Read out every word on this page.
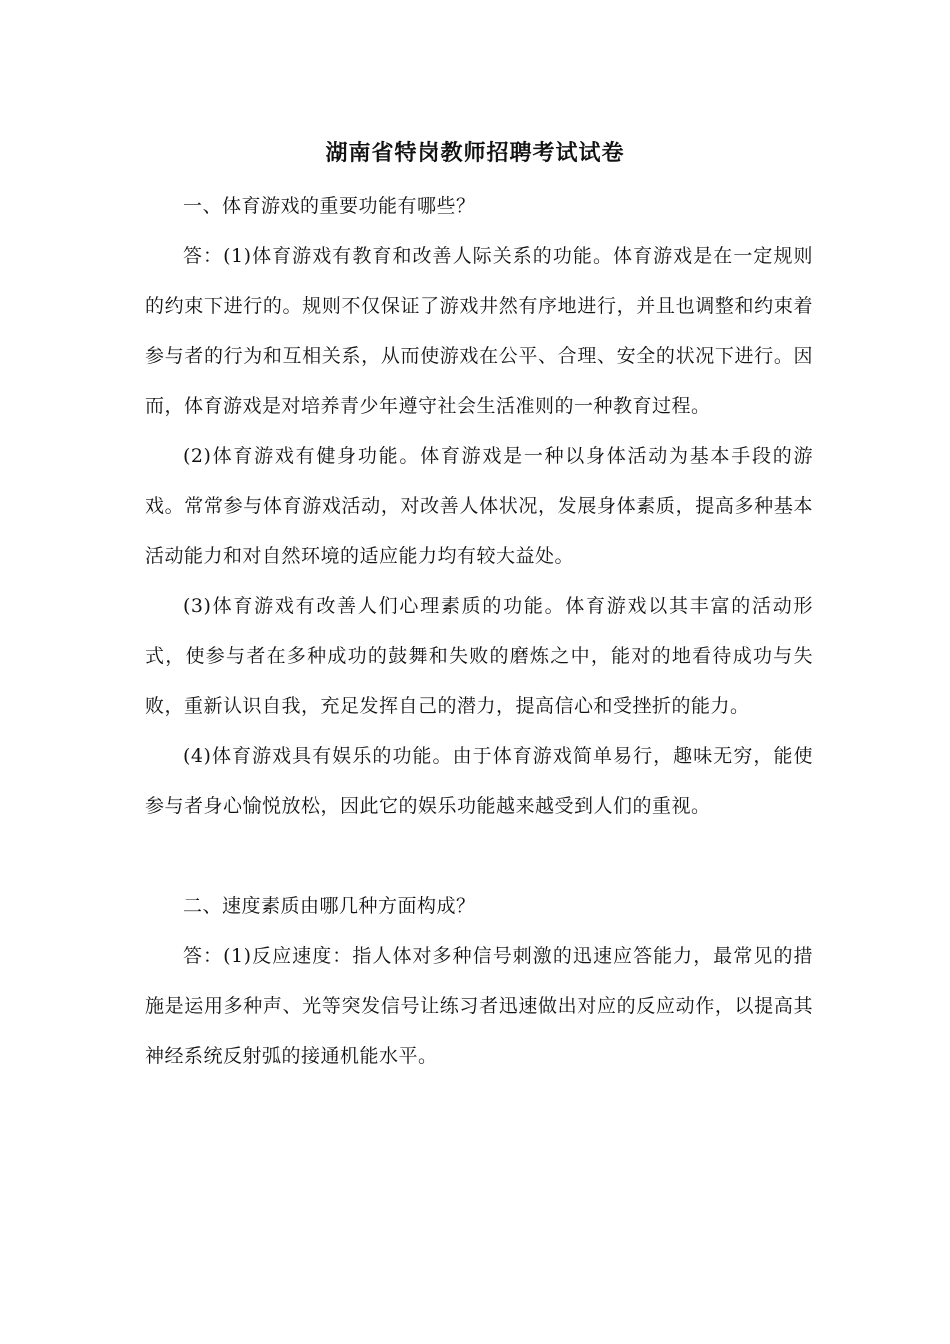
湖南省特岗教师招聘考试试卷

一、体育游戏的重要功能有哪些？

答：(1)体育游戏有教育和改善人际关系的功能。体育游戏是在一定规则的约束下进行的。规则不仅保证了游戏井然有序地进行，并且也调整和约束着参与者的行为和互相关系，从而使游戏在公平、合理、安全的状况下进行。因而，体育游戏是对培养青少年遵守社会生活准则的一种教育过程。

(2)体育游戏有健身功能。体育游戏是一种以身体活动为基本手段的游戏。常常参与体育游戏活动，对改善人体状况，发展身体素质，提高多种基本活动能力和对自然环境的适应能力均有较大益处。

(3)体育游戏有改善人们心理素质的功能。体育游戏以其丰富的活动形式，使参与者在多种成功的鼓舞和失败的磨炼之中，能对的地看待成功与失败，重新认识自我，充足发挥自己的潜力，提高信心和受挫折的能力。

(4)体育游戏具有娱乐的功能。由于体育游戏简单易行，趣味无穷，能使参与者身心愉悦放松，因此它的娱乐功能越来越受到人们的重视。

二、速度素质由哪几种方面构成？

答：(1)反应速度：指人体对多种信号刺激的迅速应答能力，最常见的措施是运用多种声、光等突发信号让练习者迅速做出对应的反应动作，以提高其神经系统反射弧的接通机能水平。
